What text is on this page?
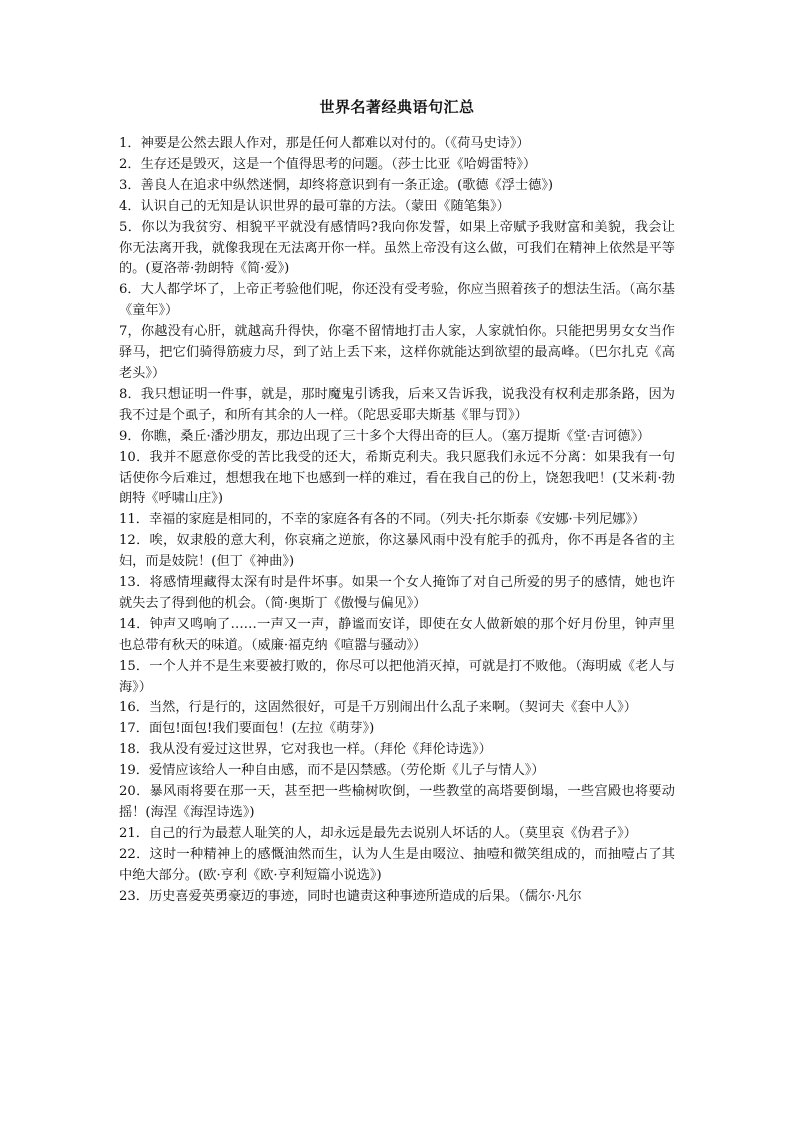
世界名著经典语句汇总
1．神要是公然去跟人作对，那是任何人都难以对付的。（《荷马史诗》）
2．生存还是毁灭，这是一个值得思考的问题。（莎士比亚《哈姆雷特》）
3．善良人在追求中纵然迷惘，却终将意识到有一条正途。(歌德《浮士德》)
4．认识自己的无知是认识世界的最可靠的方法。（蒙田《随笔集》）
5．你以为我贫穷、相貌平平就没有感情吗?我向你发誓，如果上帝赋予我财富和美貌，我会让你无法离开我，就像我现在无法离开你一样。虽然上帝没有这么做，可我们在精神上依然是平等的。(夏洛蒂·勃朗特《简·爱》)
6．大人都学坏了，上帝正考验他们呢，你还没有受考验，你应当照着孩子的想法生活。（高尔基《童年》）
7，你越没有心肝，就越高升得快，你毫不留情地打击人家，人家就怕你。只能把男男女女当作驿马，把它们骑得筋疲力尽，到了站上丢下来，这样你就能达到欲望的最高峰。（巴尔扎克《高老头》）
8．我只想证明一件事，就是，那时魔鬼引诱我，后来又告诉我，说我没有权利走那条路，因为我不过是个虱子，和所有其余的人一样。（陀思妥耶夫斯基《罪与罚》）
9．你瞧，桑丘·潘沙朋友，那边出现了三十多个大得出奇的巨人。（塞万提斯《堂·吉诃德》）
10．我并不愿意你受的苦比我受的还大，希斯克利夫。我只愿我们永远不分离：如果我有一句话使你今后难过，想想我在地下也感到一样的难过，看在我自己的份上，饶恕我吧！(艾米莉·勃朗特《呼啸山庄》)
11．幸福的家庭是相同的，不幸的家庭各有各的不同。（列夫·托尔斯泰《安娜·卡列尼娜》）
12．唉，奴隶般的意大利，你哀痛之逆旅，你这暴风雨中没有舵手的孤舟，你不再是各省的主妇，而是妓院！(但丁《神曲》)
13．将感情埋藏得太深有时是件坏事。如果一个女人掩饰了对自己所爱的男子的感情，她也许就失去了得到他的机会。（简·奥斯丁《傲慢与偏见》）
14．钟声又鸣响了……一声又一声，静谧而安详，即使在女人做新娘的那个好月份里，钟声里也总带有秋天的味道。（威廉·福克纳《喧嚣与骚动》）
15．一个人并不是生来要被打败的，你尽可以把他消灭掉，可就是打不败他。（海明威《老人与海》）
16．当然，行是行的，这固然很好，可是千万别闹出什么乱子来啊。（契诃夫《套中人》）
17．面包!面包!我们要面包！(左拉《萌芽》)
18．我从没有爱过这世界，它对我也一样。（拜伦《拜伦诗选》）
19．爱情应该给人一种自由感，而不是囚禁感。（劳伦斯《儿子与情人》）
20．暴风雨将要在那一天，甚至把一些榆树吹倒，一些教堂的高塔要倒塌，一些宫殿也将要动摇！(海涅《海涅诗选》)
21．自己的行为最惹人耻笑的人，却永远是最先去说别人坏话的人。（莫里哀《伪君子》）
22．这时一种精神上的感慨油然而生，认为人生是由啜泣、抽噎和微笑组成的，而抽噎占了其中绝大部分。(欧·亨利《欧·亨利短篇小说选》)
23．历史喜爱英勇豪迈的事迹，同时也谴责这种事迹所造成的后果。（儒尔·凡尔
